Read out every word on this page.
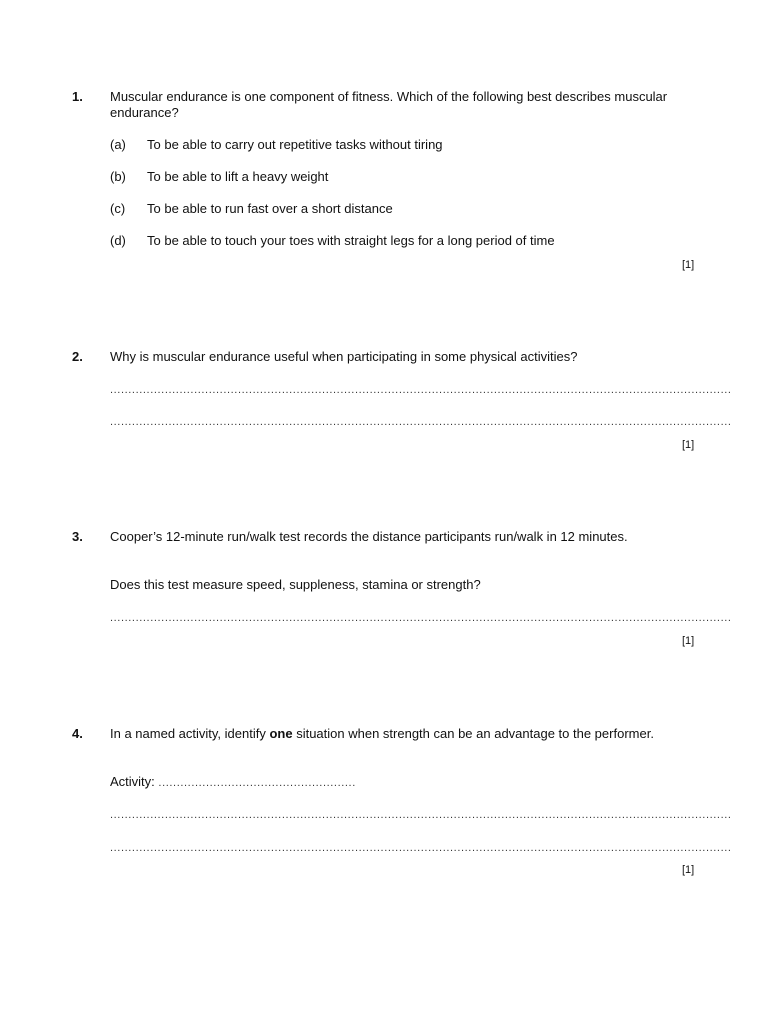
1. Muscular endurance is one component of fitness. Which of the following best describes muscular endurance?
(a) To be able to carry out repetitive tasks without tiring
(b) To be able to lift a heavy weight
(c) To be able to run fast over a short distance
(d) To be able to touch your toes with straight legs for a long period of time
[1]
2. Why is muscular endurance useful when participating in some physical activities?
..........................................................................................................................................................................
..........................................................................................................................................................................
[1]
3. Cooper’s 12-minute run/walk test records the distance participants run/walk in 12 minutes.
Does this test measure speed, suppleness, stamina or strength?
..........................................................................................................................................................................
[1]
4. In a named activity, identify one situation when strength can be an advantage to the performer.
Activity: ......................................................
..........................................................................................................................................................................
..........................................................................................................................................................................
[1]
